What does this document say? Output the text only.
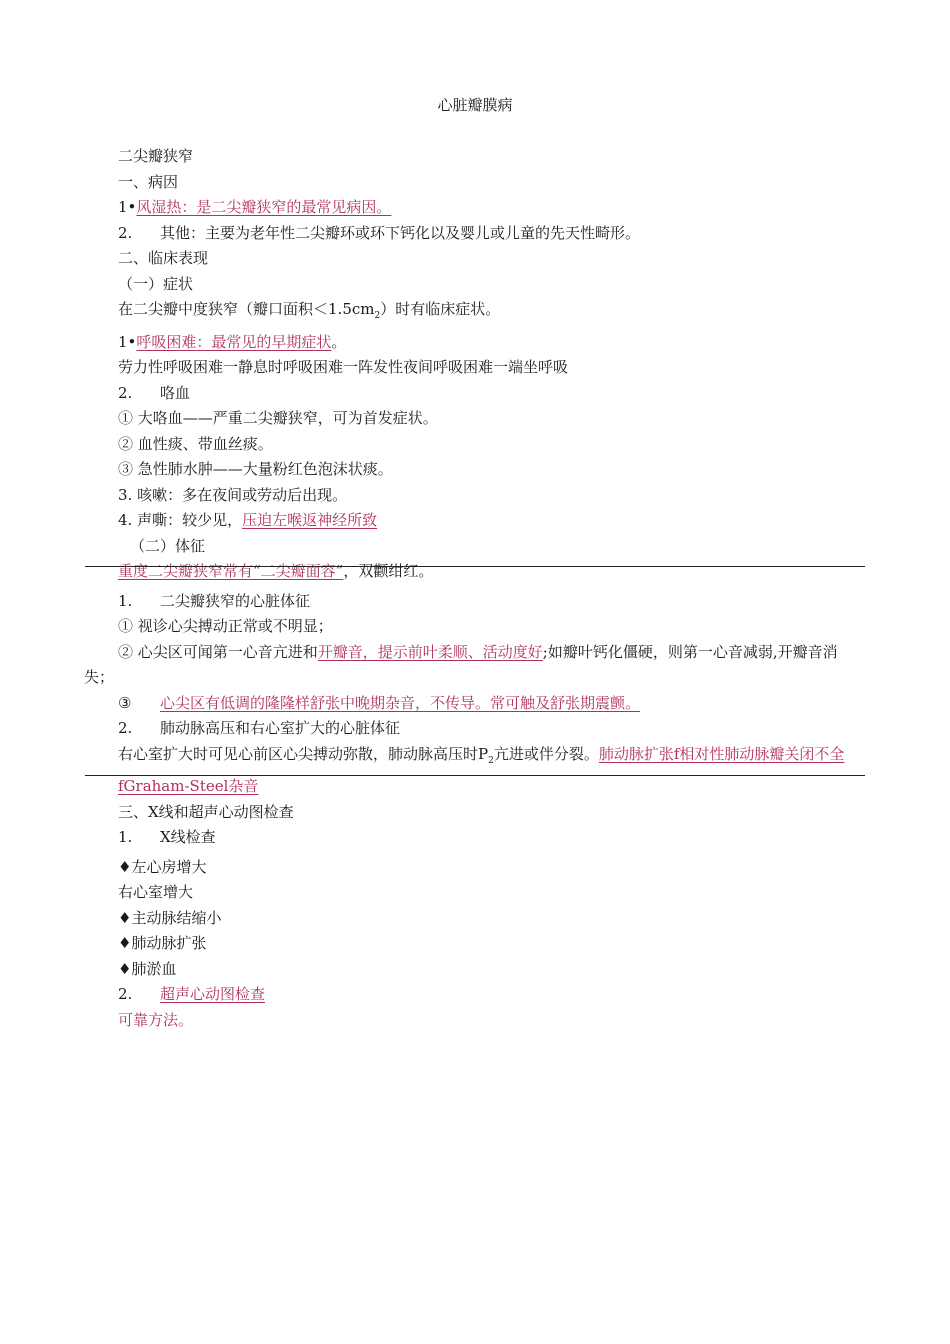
心脏瓣膜病
二尖瓣狭窄
一、病因
1•风湿热：是二尖瓣狭窄的最常见病因。
2. 其他：主要为老年性二尖瓣环或环下钙化以及婴儿或儿童的先天性畸形。
二、临床表现
（一）症状
在二尖瓣中度狭窄（瓣口面积$<1.5cm_2$）时有临床症状。
1•呼吸困难：最常见的早期症状。
劳力性呼吸困难一静息时呼吸困难一阵发性夜间呼吸困难一端坐呼吸
2. 咯血
① 大咯血——严重二尖瓣狭窄，可为首发症状。
② 血性痰、带血丝痰。
③ 急性肺水肿——大量粉红色泡沫状痰。
3. 咳嗽：多在夜间或劳动后出现。
4. 声嘶：较少见，压迫左喉返神经所致
（二）体征
重度二尖瓣狭窄常有“二尖瓣面容”，双颧绀红。
1. 二尖瓣狭窄的心脏体征
① 视诊心尖搏动正常或不明显；
② 心尖区可闻第一心音亢进和开瓣音，提示前叶柔顺、活动度好;如瓣叶钙化僵硬，则第一心音减弱,开瓣音消失；
③ 心尖区有低调的隆隆样舒张中晚期杂音，不传导。常可触及舒张期震颤。
2. 肺动脉高压和右心室扩大的心脏体征
右心室扩大时可见心前区心尖搏动弥散，肺动脉高压时$P_2$亢进或伴分裂。肺动脉扩张f相对性肺动脉瓣关闭不全fGraham-Steel杂音
三、X线和超声心动图检查
1. X线检查
♦左心房增大
右心室增大
♦主动脉结缩小
♦肺动脉扩张
♦肺淤血
2. 超声心动图检查
可靠方法。
